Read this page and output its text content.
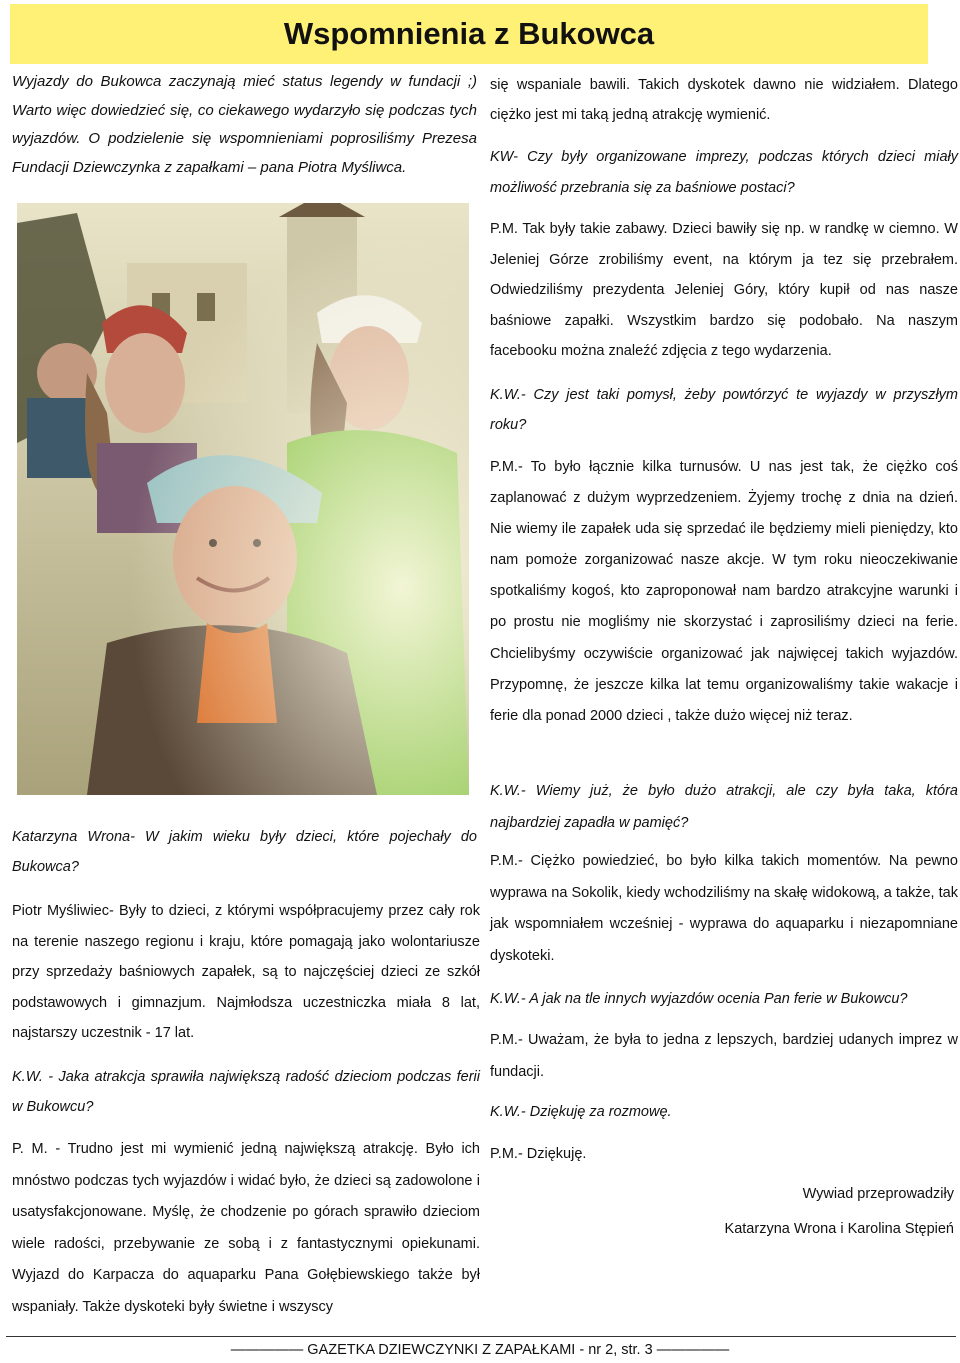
Wspomnienia z Bukowca

Wyjazdy do Bukowca zaczynają mieć status legendy w fundacji ;) Warto więc dowiedzieć się, co ciekawego wydarzyło się podczas tych wyjazdów. O podzielenie się wspomnieniami poprosiliśmy Prezesa Fundacji Dziewczynka z zapałkami – pana Piotra Myśliwca.

Katarzyna Wrona- W jakim wieku były dzieci, które pojechały do Bukowca?

Piotr Myśliwiec- Były to dzieci, z którymi współpracujemy przez cały rok na terenie naszego regionu i kraju, które pomagają jako wolontariusze przy sprzedaży baśniowych zapałek, są to najczęściej dzieci ze szkół podstawowych i gimnazjum. Najmłodsza uczestniczka miała 8 lat, najstarszy uczestnik - 17 lat.

K.W. - Jaka atrakcja sprawiła największą radość dzieciom podczas ferii w Bukowcu?

P. M. - Trudno jest mi wymienić jedną największą atrakcję. Było ich mnóstwo podczas tych wyjazdów i widać było, że dzieci są zadowolone i usatysfakcjonowane. Myślę, że chodzenie po górach sprawiło dzieciom wiele radości, przebywanie ze sobą i z fantastycznymi opiekunami. Wyjazd do Karpacza do aquaparku Pana Gołębiewskiego także był wspaniały. Także dyskoteki były świetne i wszyscy

się wspaniale bawili. Takich dyskotek dawno nie widziałem. Dlatego ciężko jest mi taką jedną atrakcję wymienić.

KW- Czy były organizowane imprezy, podczas których dzieci miały możliwość przebrania się za baśniowe postaci?

P.M. Tak były takie zabawy. Dzieci bawiły się np. w randkę w ciemno. W Jeleniej Górze zrobiliśmy event, na którym ja tez się przebrałem. Odwiedziliśmy prezydenta Jeleniej Góry, który kupił od nas nasze baśniowe zapałki. Wszystkim bardzo się podobało. Na naszym facebooku można znaleźć zdjęcia z tego wydarzenia.

K.W.- Czy jest taki pomysł, żeby powtórzyć te wyjazdy w przyszłym roku?

P.M.- To było łącznie kilka turnusów. U nas jest tak, że ciężko coś zaplanować z dużym wyprzedzeniem. Żyjemy trochę z dnia na dzień. Nie wiemy ile zapałek uda się sprzedać ile będziemy mieli pieniędzy, kto nam pomoże zorganizować nasze akcje. W tym roku nieoczekiwanie spotkaliśmy kogoś, kto zaproponował nam bardzo atrakcyjne warunki i po prostu nie mogliśmy nie skorzystać i zaprosiliśmy dzieci na ferie. Chcielibyśmy oczywiście organizować jak najwięcej takich wyjazdów. Przypomnę, że jeszcze kilka lat temu organizowaliśmy takie wakacje i ferie dla ponad 2000 dzieci , także dużo więcej niż teraz.

K.W.- Wiemy już, że było dużo atrakcji, ale czy była taka, która najbardziej zapadła w pamięć?

P.M.- Ciężko powiedzieć, bo było kilka takich momentów. Na pewno wyprawa na Sokolik, kiedy wchodziliśmy na skałę widokową, a także, tak jak wspomniałem wcześniej - wyprawa do aquaparku i niezapomniane dyskoteki.

K.W.- A jak na tle innych wyjazdów ocenia Pan ferie w Bukowcu?

P.M.- Uważam, że była to jedna z lepszych, bardziej udanych imprez w fundacji.

K.W.- Dziękuję za rozmowę.

P.M.- Dziękuję.

Wywiad przeprowadziły
Katarzyna Wrona i Karolina Stępień
————— GAZETKA DZIEWCZYNKI Z ZAPAŁKAMI - nr 2, str. 3 —————
